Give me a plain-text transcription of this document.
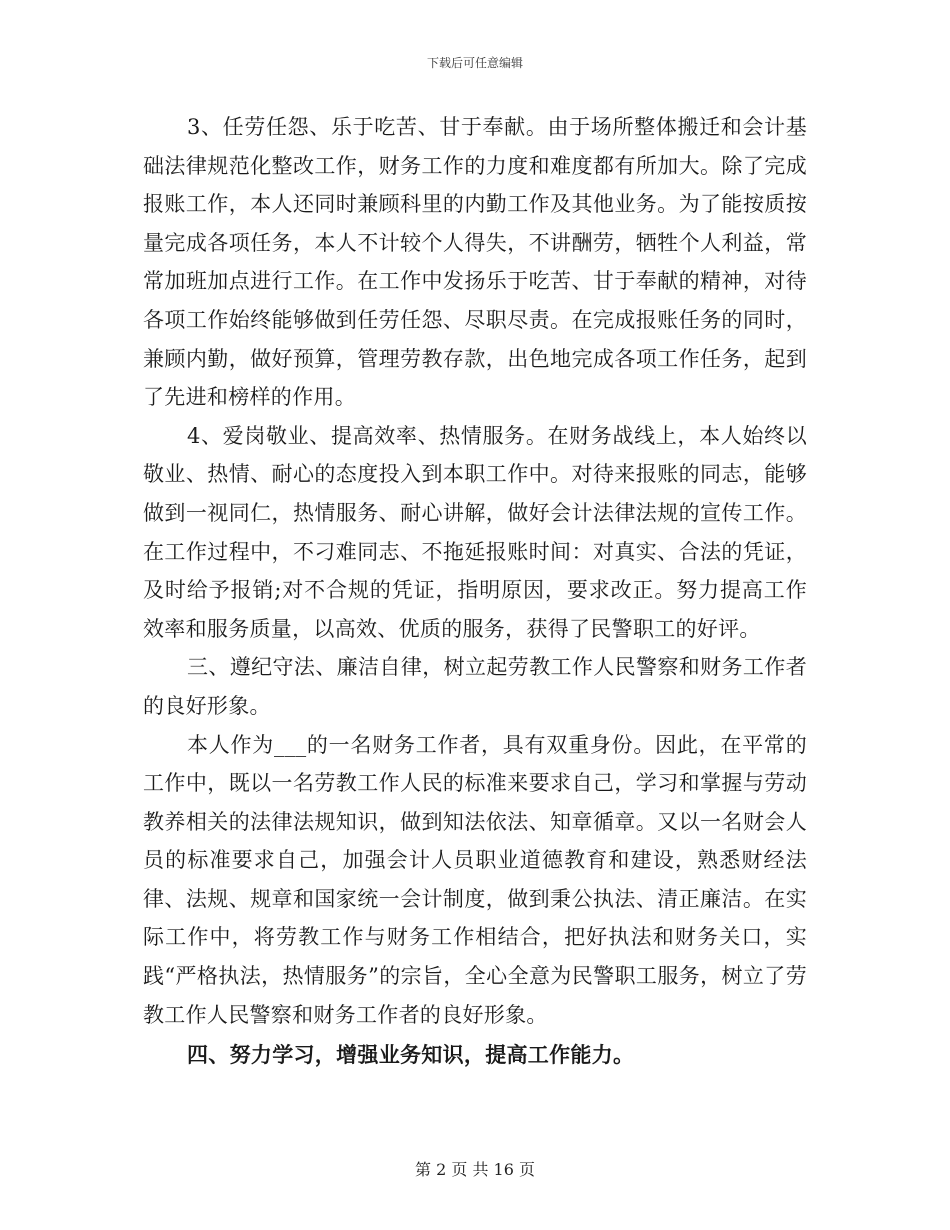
下载后可任意编辑

3、任劳任怨、乐于吃苦、甘于奉献。由于场所整体搬迁和会计基础法律规范化整改工作，财务工作的力度和难度都有所加大。除了完成报账工作，本人还同时兼顾科里的内勤工作及其他业务。为了能按质按量完成各项任务，本人不计较个人得失，不讲酬劳，牺牲个人利益，常常加班加点进行工作。在工作中发扬乐于吃苦、甘于奉献的精神，对待各项工作始终能够做到任劳任怨、尽职尽责。在完成报账任务的同时，兼顾内勤，做好预算，管理劳教存款，出色地完成各项工作任务，起到了先进和榜样的作用。

4、爱岗敬业、提高效率、热情服务。在财务战线上，本人始终以敬业、热情、耐心的态度投入到本职工作中。对待来报账的同志，能够做到一视同仁，热情服务、耐心讲解，做好会计法律法规的宣传工作。在工作过程中，不刁难同志、不拖延报账时间：对真实、合法的凭证，及时给予报销;对不合规的凭证，指明原因，要求改正。努力提高工作效率和服务质量，以高效、优质的服务，获得了民警职工的好评。

三、遵纪守法、廉洁自律，树立起劳教工作人民警察和财务工作者的良好形象。

本人作为___的一名财务工作者，具有双重身份。因此，在平常的工作中，既以一名劳教工作人民的标准来要求自己，学习和掌握与劳动教养相关的法律法规知识，做到知法依法、知章循章。又以一名财会人员的标准要求自己，加强会计人员职业道德教育和建设，熟悉财经法律、法规、规章和国家统一会计制度，做到秉公执法、清正廉洁。在实际工作中，将劳教工作与财务工作相结合，把好执法和财务关口，实践“严格执法，热情服务”的宗旨，全心全意为民警职工服务，树立了劳教工作人民警察和财务工作者的良好形象。

四、努力学习，增强业务知识，提高工作能力。

第 2 页 共 16 页
